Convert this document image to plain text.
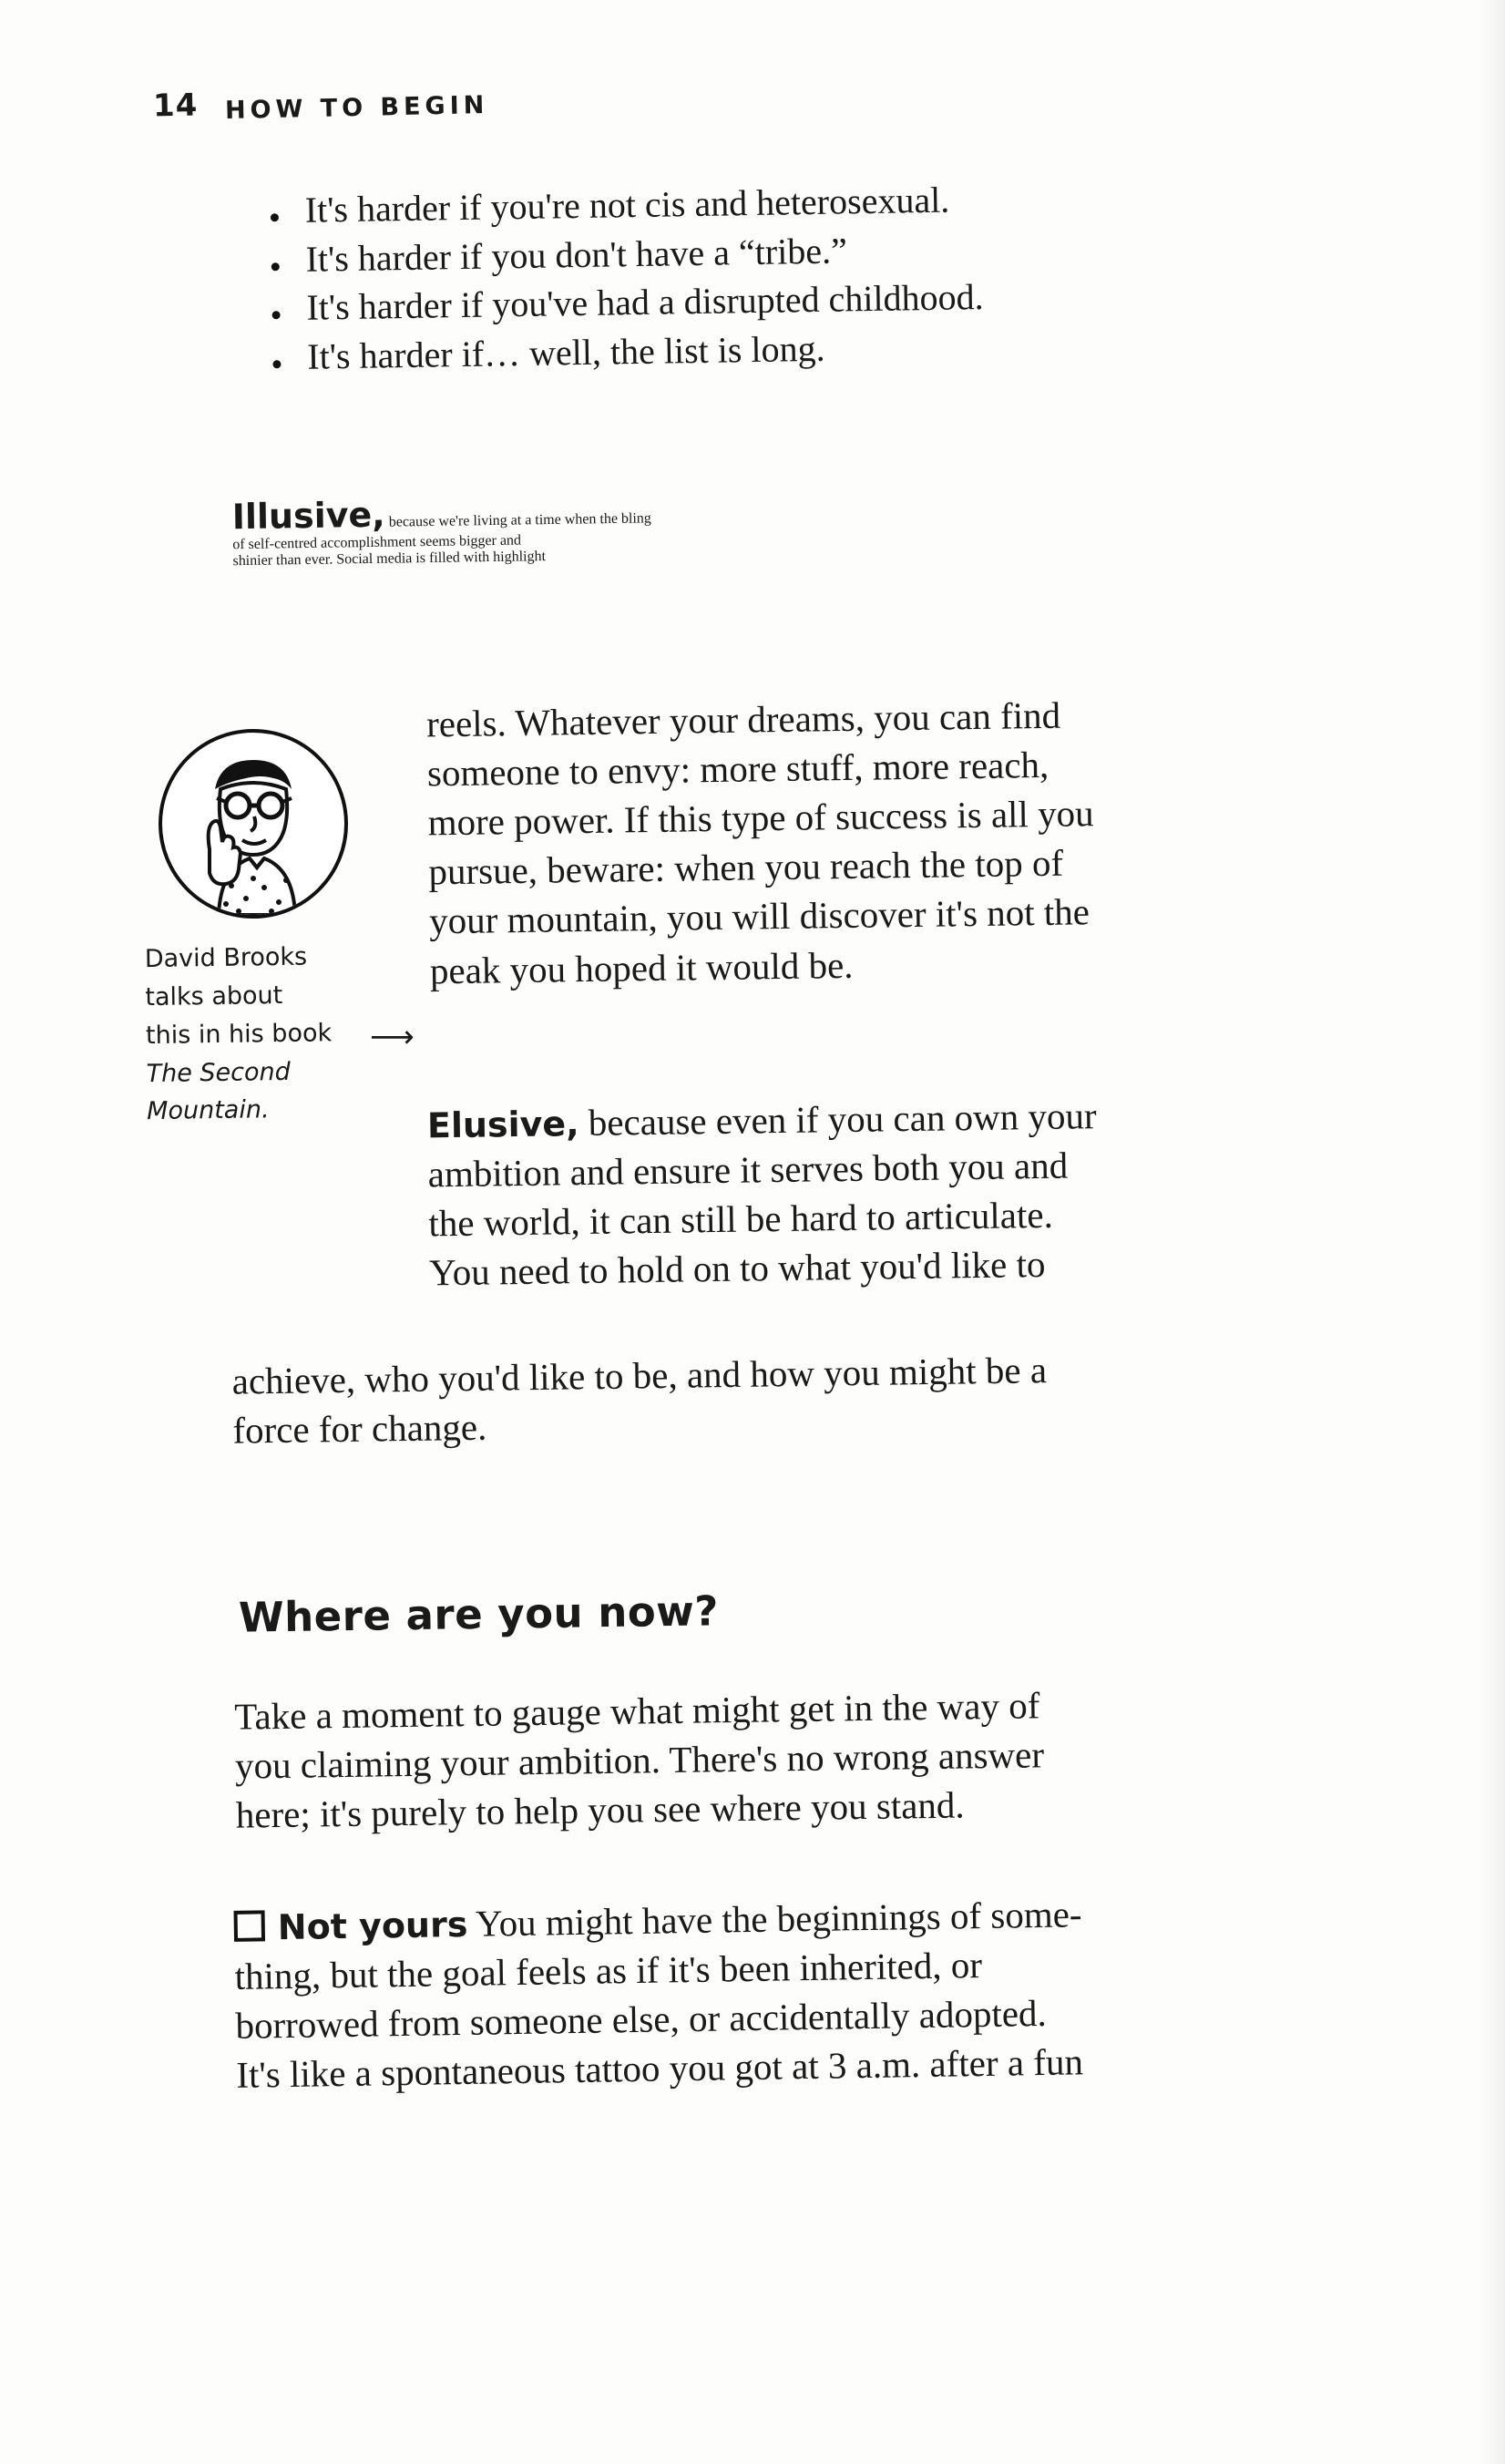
14 HOW TO BEGIN
It's harder if you're not cis and heterosexual.
It's harder if you don't have a “tribe.”
It's harder if you've had a disrupted childhood.
It's harder if… well, the list is long.
Illusive, because we're living at a time when the bling
of self-centred accomplishment seems bigger and
shinier than ever. Social media is filled with highlight
reels. Whatever your dreams, you can find
someone to envy: more stuff, more reach,
more power. If this type of success is all you
pursue, beware: when you reach the top of
your mountain, you will discover it's not the
peak you hoped it would be.
Elusive, because even if you can own your
ambition and ensure it serves both you and
the world, it can still be hard to articulate.
You need to hold on to what you'd like to
achieve, who you'd like to be, and how you might be a
force for change.
⟶
David Brooks
talks about
this in his book
The Second
Mountain.
Where are you now?
Take a moment to gauge what might get in the way of
you claiming your ambition. There's no wrong answer
here; it's purely to help you see where you stand.
Not yours You might have the beginnings of some-
thing, but the goal feels as if it's been inherited, or
borrowed from someone else, or accidentally adopted.
It's like a spontaneous tattoo you got at 3 a.m. after a fun
